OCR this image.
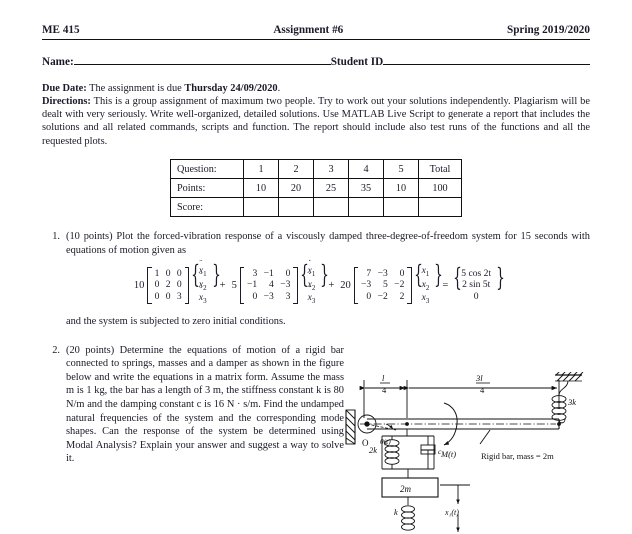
ME 415	Assignment #6	Spring 2019/2020
Name:	Student ID
Due Date: The assignment is due Thursday 24/09/2020.
Directions: This is a group assignment of maximum two people. Try to work out your solutions independently. Plagiarism will be dealt with very seriously. Write well-organized, detailed solutions. Use MATLAB Live Script to generate a report that includes the solutions and all related commands, scripts and function. The report should include also test runs of the functions and all the requested plots.
Question:	1	2	3	4	5	Total
Points:	10	20	25	35	10	100
Score:						
1. (10 points) Plot the forced-vibration response of a viscously damped three-degree-of-freedom system for 15 seconds with equations of motion given as
10
1	0	0
0	2	0
0	0	3
{ x $¨_1$
x $¨_2$
x $¨_3$
} + 5
3	−1	0
−1	4	−3
0	−3	3
{ x $˙_1$
x $˙_2$
x $˙_3$
} + 20
7	−3	0
−3	5	−2
0	−2	2
{ $x_1$
$x_2$
$x_3$
} = { 5 cos 2t
2 sin 5t
0
}
and the system is subjected to zero initial conditions.
2. (20 points) Determine the equations of motion of a rigid bar connected to springs, masses and a damper as shown in the figure below and write the equations in a matrix form. Assume the mass m is 1 kg, the bar has a length of 3 m, the stiffness constant k is 80 N/m and the damping constant c is 16 N · s/m. Find the undamped natural frequencies of the system and the corresponding mode shapes. Can the response of the system be determined using Modal Analysis? Explain your answer and suggest a way to solve it.
l
4
3l
4
O θ(t)
M(t)
2k	c
3k
k
2m
Rigid bar, mass = 2m
x₁(t)
